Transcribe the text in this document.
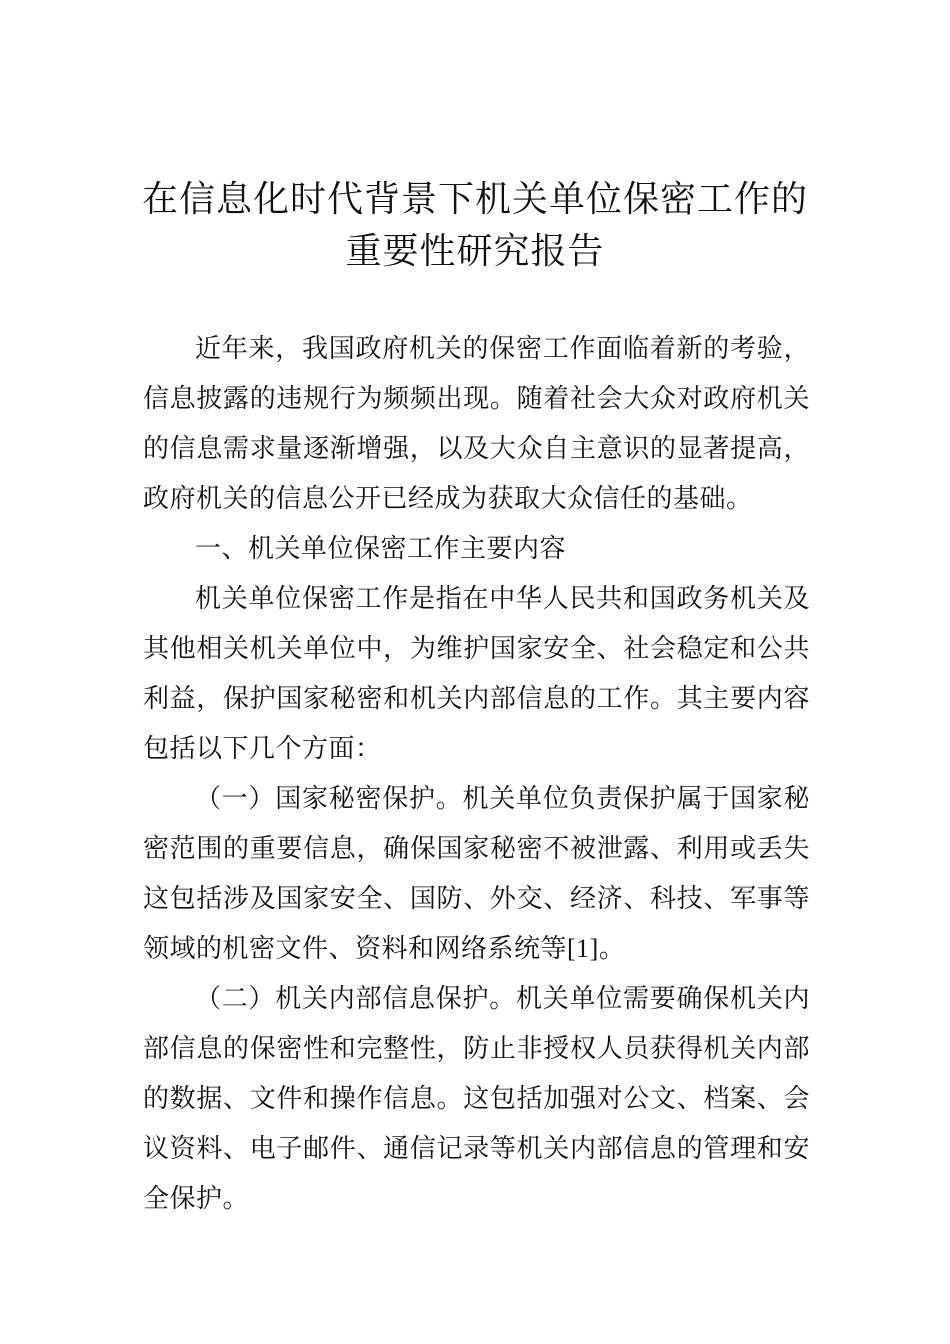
在信息化时代背景下机关单位保密工作的
重要性研究报告

近年来，我国政府机关的保密工作面临着新的考验，信息披露的违规行为频频出现。随着社会大众对政府机关的信息需求量逐渐增强，以及大众自主意识的显著提高，政府机关的信息公开已经成为获取大众信任的基础。

一、机关单位保密工作主要内容

机关单位保密工作是指在中华人民共和国政务机关及其他相关机关单位中，为维护国家安全、社会稳定和公共利益，保护国家秘密和机关内部信息的工作。其主要内容包括以下几个方面：

（一）国家秘密保护。机关单位负责保护属于国家秘密范围的重要信息，确保国家秘密不被泄露、利用或丢失这包括涉及国家安全、国防、外交、经济、科技、军事等领域的机密文件、资料和网络系统等[1]。

（二）机关内部信息保护。机关单位需要确保机关内部信息的保密性和完整性，防止非授权人员获得机关内部的数据、文件和操作信息。这包括加强对公文、档案、会议资料、电子邮件、通信记录等机关内部信息的管理和安全保护。
